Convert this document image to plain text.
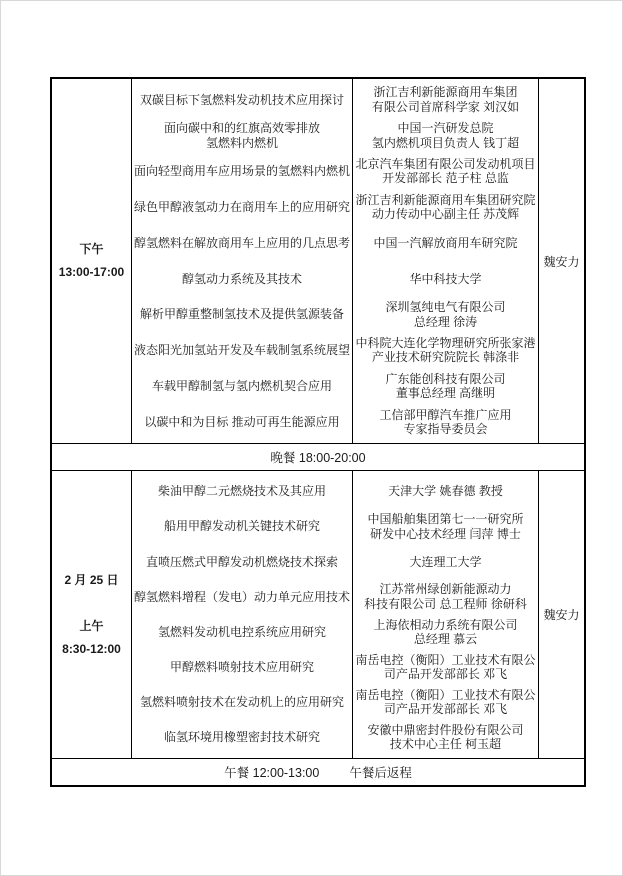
下午
13:00-17:00
双碳目标下氢燃料发动机技术应用探讨
面向碳中和的红旗高效零排放
氢燃料内燃机
面向轻型商用车应用场景的氢燃料内燃机
绿色甲醇液氢动力在商用车上的应用研究
醇氢燃料在解放商用车上应用的几点思考
醇氢动力系统及其技术
解析甲醇重整制氢技术及提供氢源装备
液态阳光加氢站开发及车载制氢系统展望
车载甲醇制氢与氢内燃机契合应用
以碳中和为目标 推动可再生能源应用
浙江吉利新能源商用车集团
有限公司首席科学家 刘汉如
中国一汽研发总院
氢内燃机项目负责人 钱丁超
北京汽车集团有限公司发动机项目
开发部部长 范子柱 总监
浙江吉利新能源商用车集团研究院
动力传动中心副主任 苏茂辉
中国一汽解放商用车研究院
华中科技大学
深圳氢纯电气有限公司
总经理 徐涛
中科院大连化学物理研究所张家港
产业技术研究院院长 韩涤非
广东能创科技有限公司
董事总经理 高继明
工信部甲醇汽车推广应用
专家指导委员会
魏安力
晚餐 18:00-20:00
2 月 25 日

上午
8:30-12:00
柴油甲醇二元燃烧技术及其应用
船用甲醇发动机关键技术研究
直喷压燃式甲醇发动机燃烧技术探索
醇氢燃料增程（发电）动力单元应用技术
氢燃料发动机电控系统应用研究
甲醇燃料喷射技术应用研究
氢燃料喷射技术在发动机上的应用研究
临氢环境用橡塑密封技术研究
天津大学 姚春德 教授
中国船舶集团第七一一研究所
研发中心技术经理 闫萍 博士
大连理工大学
江苏常州绿创新能源动力
科技有限公司 总工程师 徐研科
上海依相动力系统有限公司
总经理 慕云
南岳电控（衡阳）工业技术有限公
司产品开发部部长 邓飞
南岳电控（衡阳）工业技术有限公
司产品开发部部长 邓飞
安徽中鼎密封件股份有限公司
技术中心主任 柯玉超
魏安力
午餐 12:00-13:00 午餐后返程
